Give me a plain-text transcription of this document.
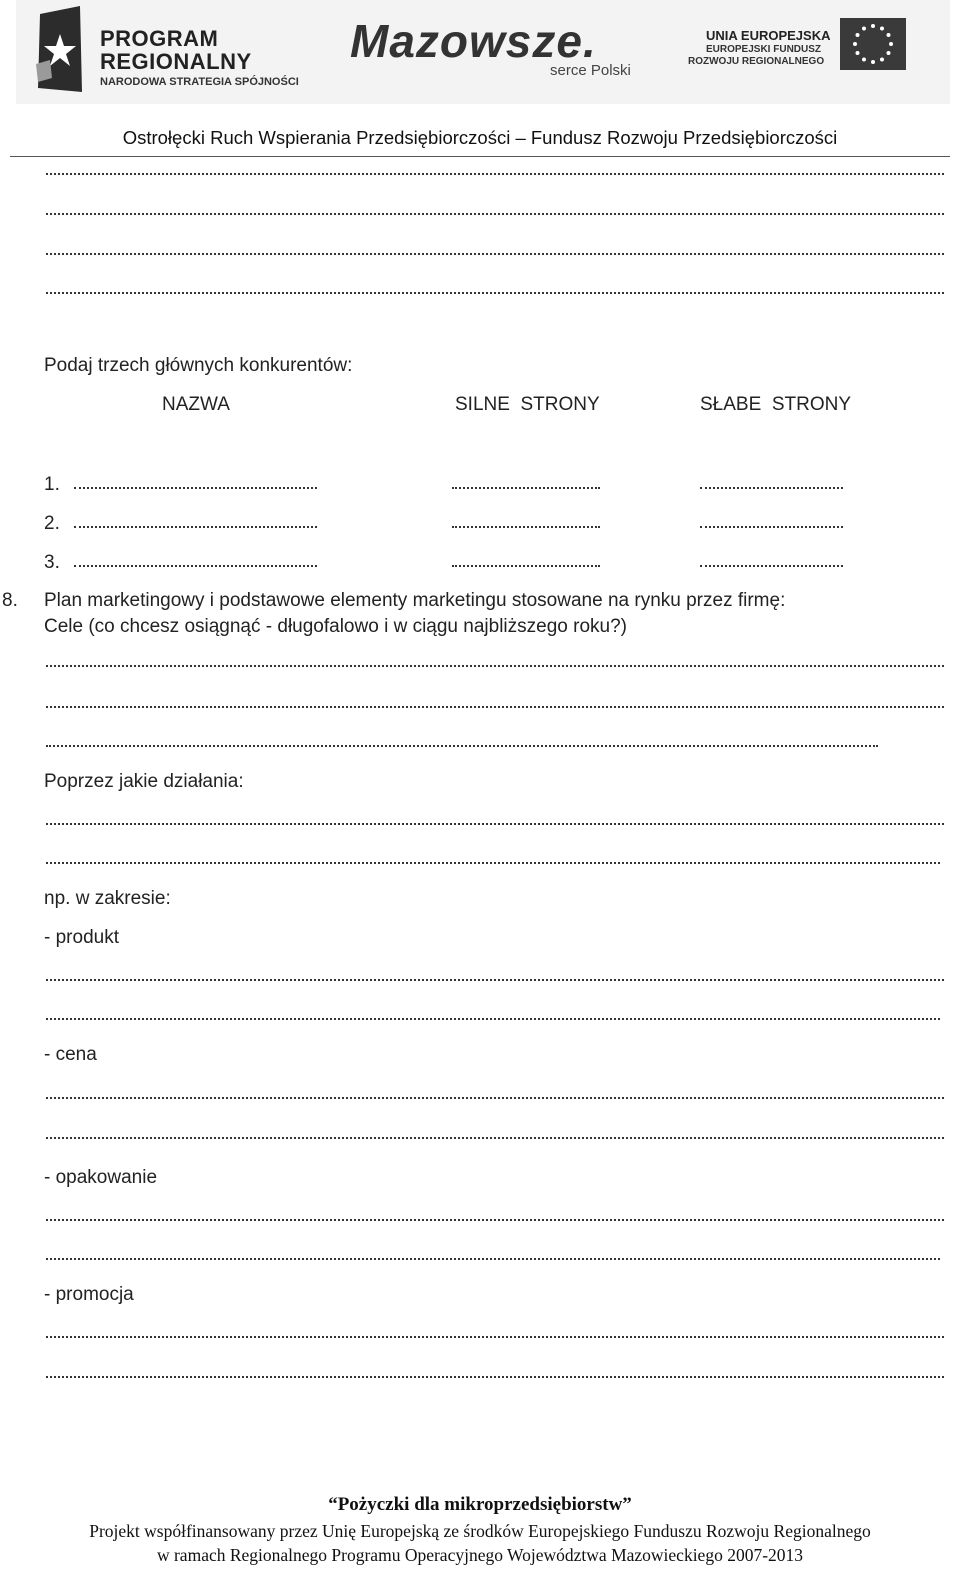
PROGRAM
REGIONALNY
NARODOWA STRATEGIA SPÓJNOŚCI
Mazowsze.
serce Polski
UNIA EUROPEJSKA
EUROPEJSKI FUNDUSZ
ROZWOJU REGIONALNEGO
Ostrołęcki Ruch Wspierania Przedsiębiorczości – Fundusz Rozwoju Przedsiębiorczości
Podaj trzech głównych konkurentów:
NAZWA	SILNE  STRONY	SŁABE  STRONY
1.
2.
3.
8. Plan marketingowy i podstawowe elementy marketingu stosowane na rynku przez firmę:
Cele (co chcesz osiągnąć - długofalowo i w ciągu najbliższego roku?)
Poprzez jakie działania:
np. w zakresie:
- produkt
- cena
- opakowanie
- promocja
“Pożyczki dla mikroprzedsiębiorstw”
Projekt współfinansowany przez Unię Europejską ze środków Europejskiego Funduszu Rozwoju Regionalnego
w ramach Regionalnego Programu Operacyjnego Województwa Mazowieckiego 2007-2013
